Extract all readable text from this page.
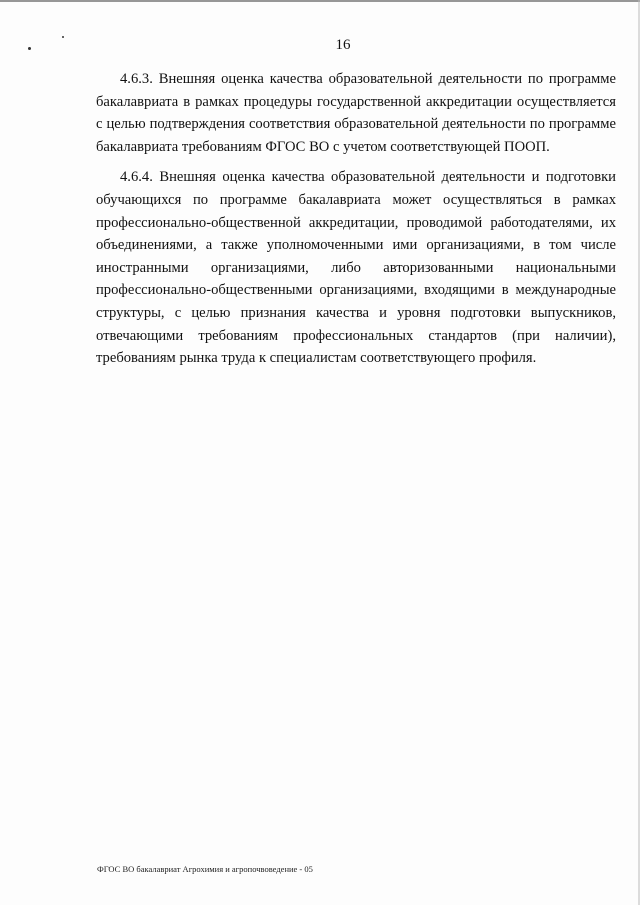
16

4.6.3. Внешняя оценка качества образовательной деятельности по программе бакалавриата в рамках процедуры государственной аккредитации осуществляется с целью подтверждения соответствия образовательной деятельности по программе бакалавриата требованиям ФГОС ВО с учетом соответствующей ПООП.

4.6.4. Внешняя оценка качества образовательной деятельности и подготовки обучающихся по программе бакалавриата может осуществляться в рамках профессионально-общественной аккредитации, проводимой работодателями, их объединениями, а также уполномоченными ими организациями, в том числе иностранными организациями, либо авторизованными национальными профессионально-общественными организациями, входящими в международные структуры, с целью признания качества и уровня подготовки выпускников, отвечающими требованиям профессиональных стандартов (при наличии), требованиям рынка труда к специалистам соответствующего профиля.

ФГОС ВО бакалавриат Агрохимия и агропочвоведение - 05
